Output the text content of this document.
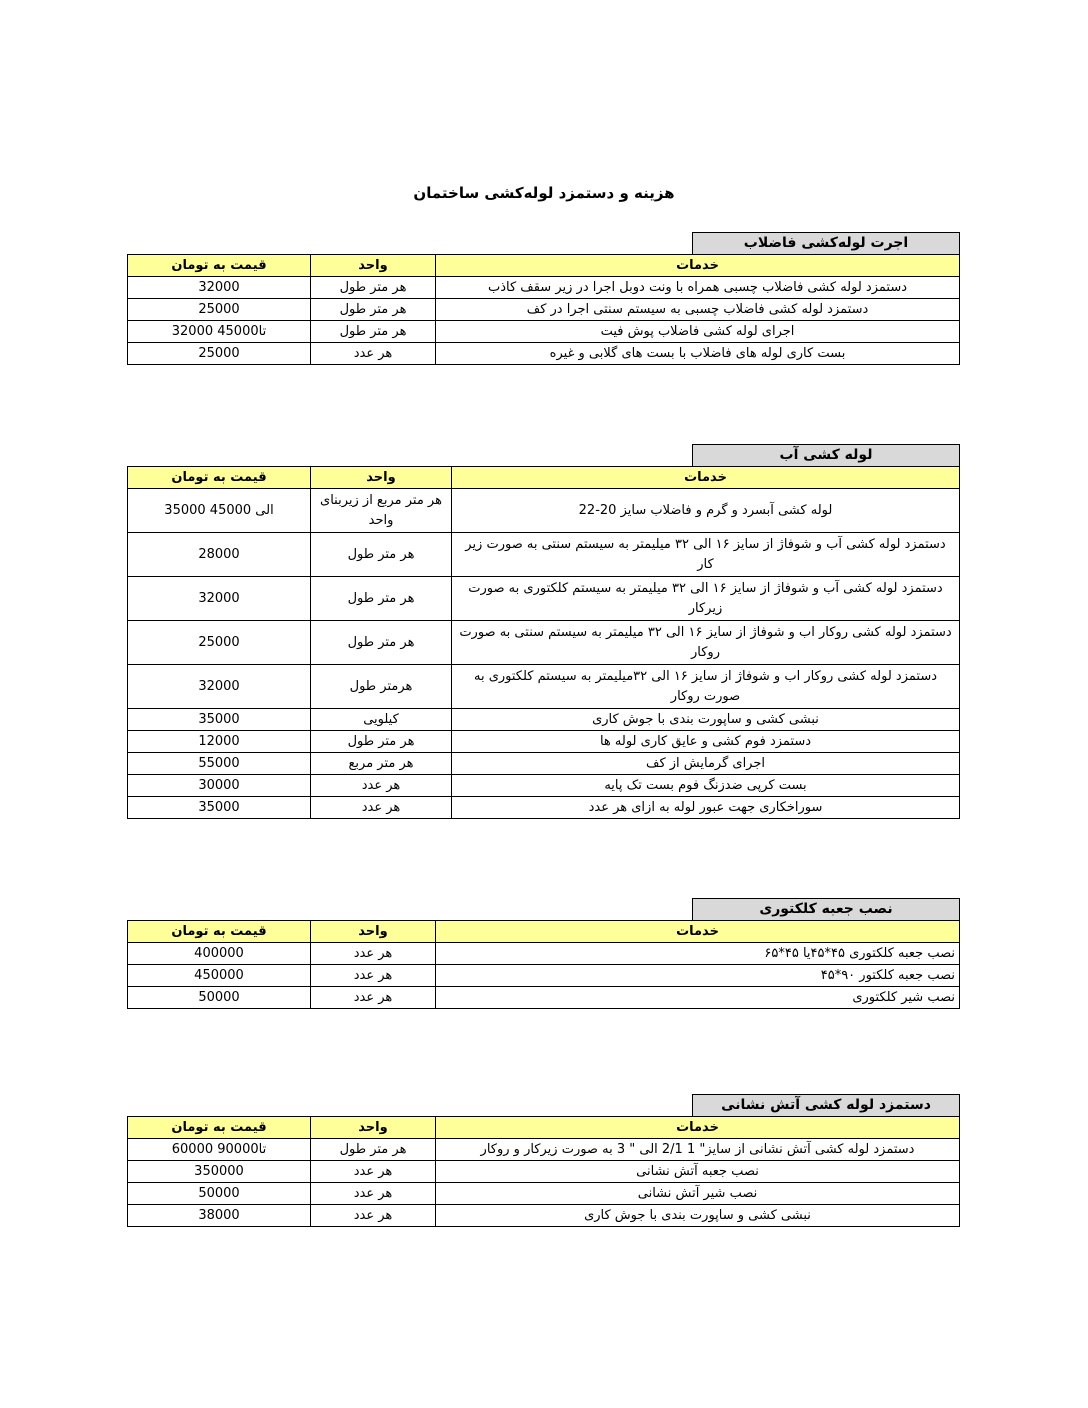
هزینه و دستمزد لوله‌کشی ساختمان
اجرت لوله‌کشی فاضلاب
خدمات	واحد	قیمت به تومان
دستمزد لوله کشی فاضلاب چسبی همراه با ونت دوبل اجرا در زیر سقف کاذب	هر متر طول	32000
دستمزد لوله کشی فاضلاب چسبی به سیستم سنتی اجرا در کف	هر متر طول	25000
اجرای لوله کشی فاضلاب پوش فیت	هر متر طول	32000 تا45000
بست کاری لوله های فاضلاب با بست های گلابی و غیره	هر عدد	25000
لوله کشی آب
خدمات	واحد	قیمت به تومان
لوله کشی آبسرد و گرم و فاضلاب سایز 20-22	هر متر مربع از زیربنای واحد	35000 الی 45000
دستمزد لوله کشی آب و شوفاژ از سایز ۱۶ الی ۳۲ میلیمتر به سیستم سنتی به صورت زیر کار	هر متر طول	28000
دستمزد لوله کشی آب و شوفاژ از سایز ۱۶ الی ۳۲ میلیمتر به سیستم کلکتوری به صورت زیرکار	هر متر طول	32000
دستمزد لوله کشی روکار اب و شوفاژ از سایز ۱۶ الی ۳۲ میلیمتر به سیستم سنتی به صورت روکار	هر متر طول	25000
دستمزد لوله کشی روکار اب و شوفاژ از سایز ۱۶ الی ۳۲میلیمتر به سیستم کلکتوری به صورت روکار	هرمتر طول	32000
نبشی کشی و ساپورت بندی با جوش کاری	کیلویی	35000
دستمزد فوم کشی و عایق کاری لوله ها	هر متر طول	12000
اجرای گرمایش از کف	هر متر مربع	55000
بست کرپی ضدزنگ فوم بست تک پایه	هر عدد	30000
سوراخکاری جهت عبور لوله به ازای هر عدد	هر عدد	35000
نصب جعبه کلکتوری
خدمات	واحد	قیمت به تومان
نصب جعبه کلکتوری ۴۵*۴۵یا ۴۵*۶۵	هر عدد	400000
نصب جعبه کلکتور ۹۰*۴۵	هر عدد	450000
نصب شیر کلکتوری	هر عدد	50000
دستمزد لوله کشی آتش نشانی
خدمات	واحد	قیمت به تومان
دستمزد لوله کشی آتش نشانی از سایز" 1 2/1 الی " 3 به صورت زیرکار و روکار	هر متر طول	60000 تا90000
نصب جعبه آتش نشانی	هر عدد	350000
نصب شیر آتش نشانی	هر عدد	50000
نبشی کشی و ساپورت بندی با جوش کاری	هر عدد	38000
